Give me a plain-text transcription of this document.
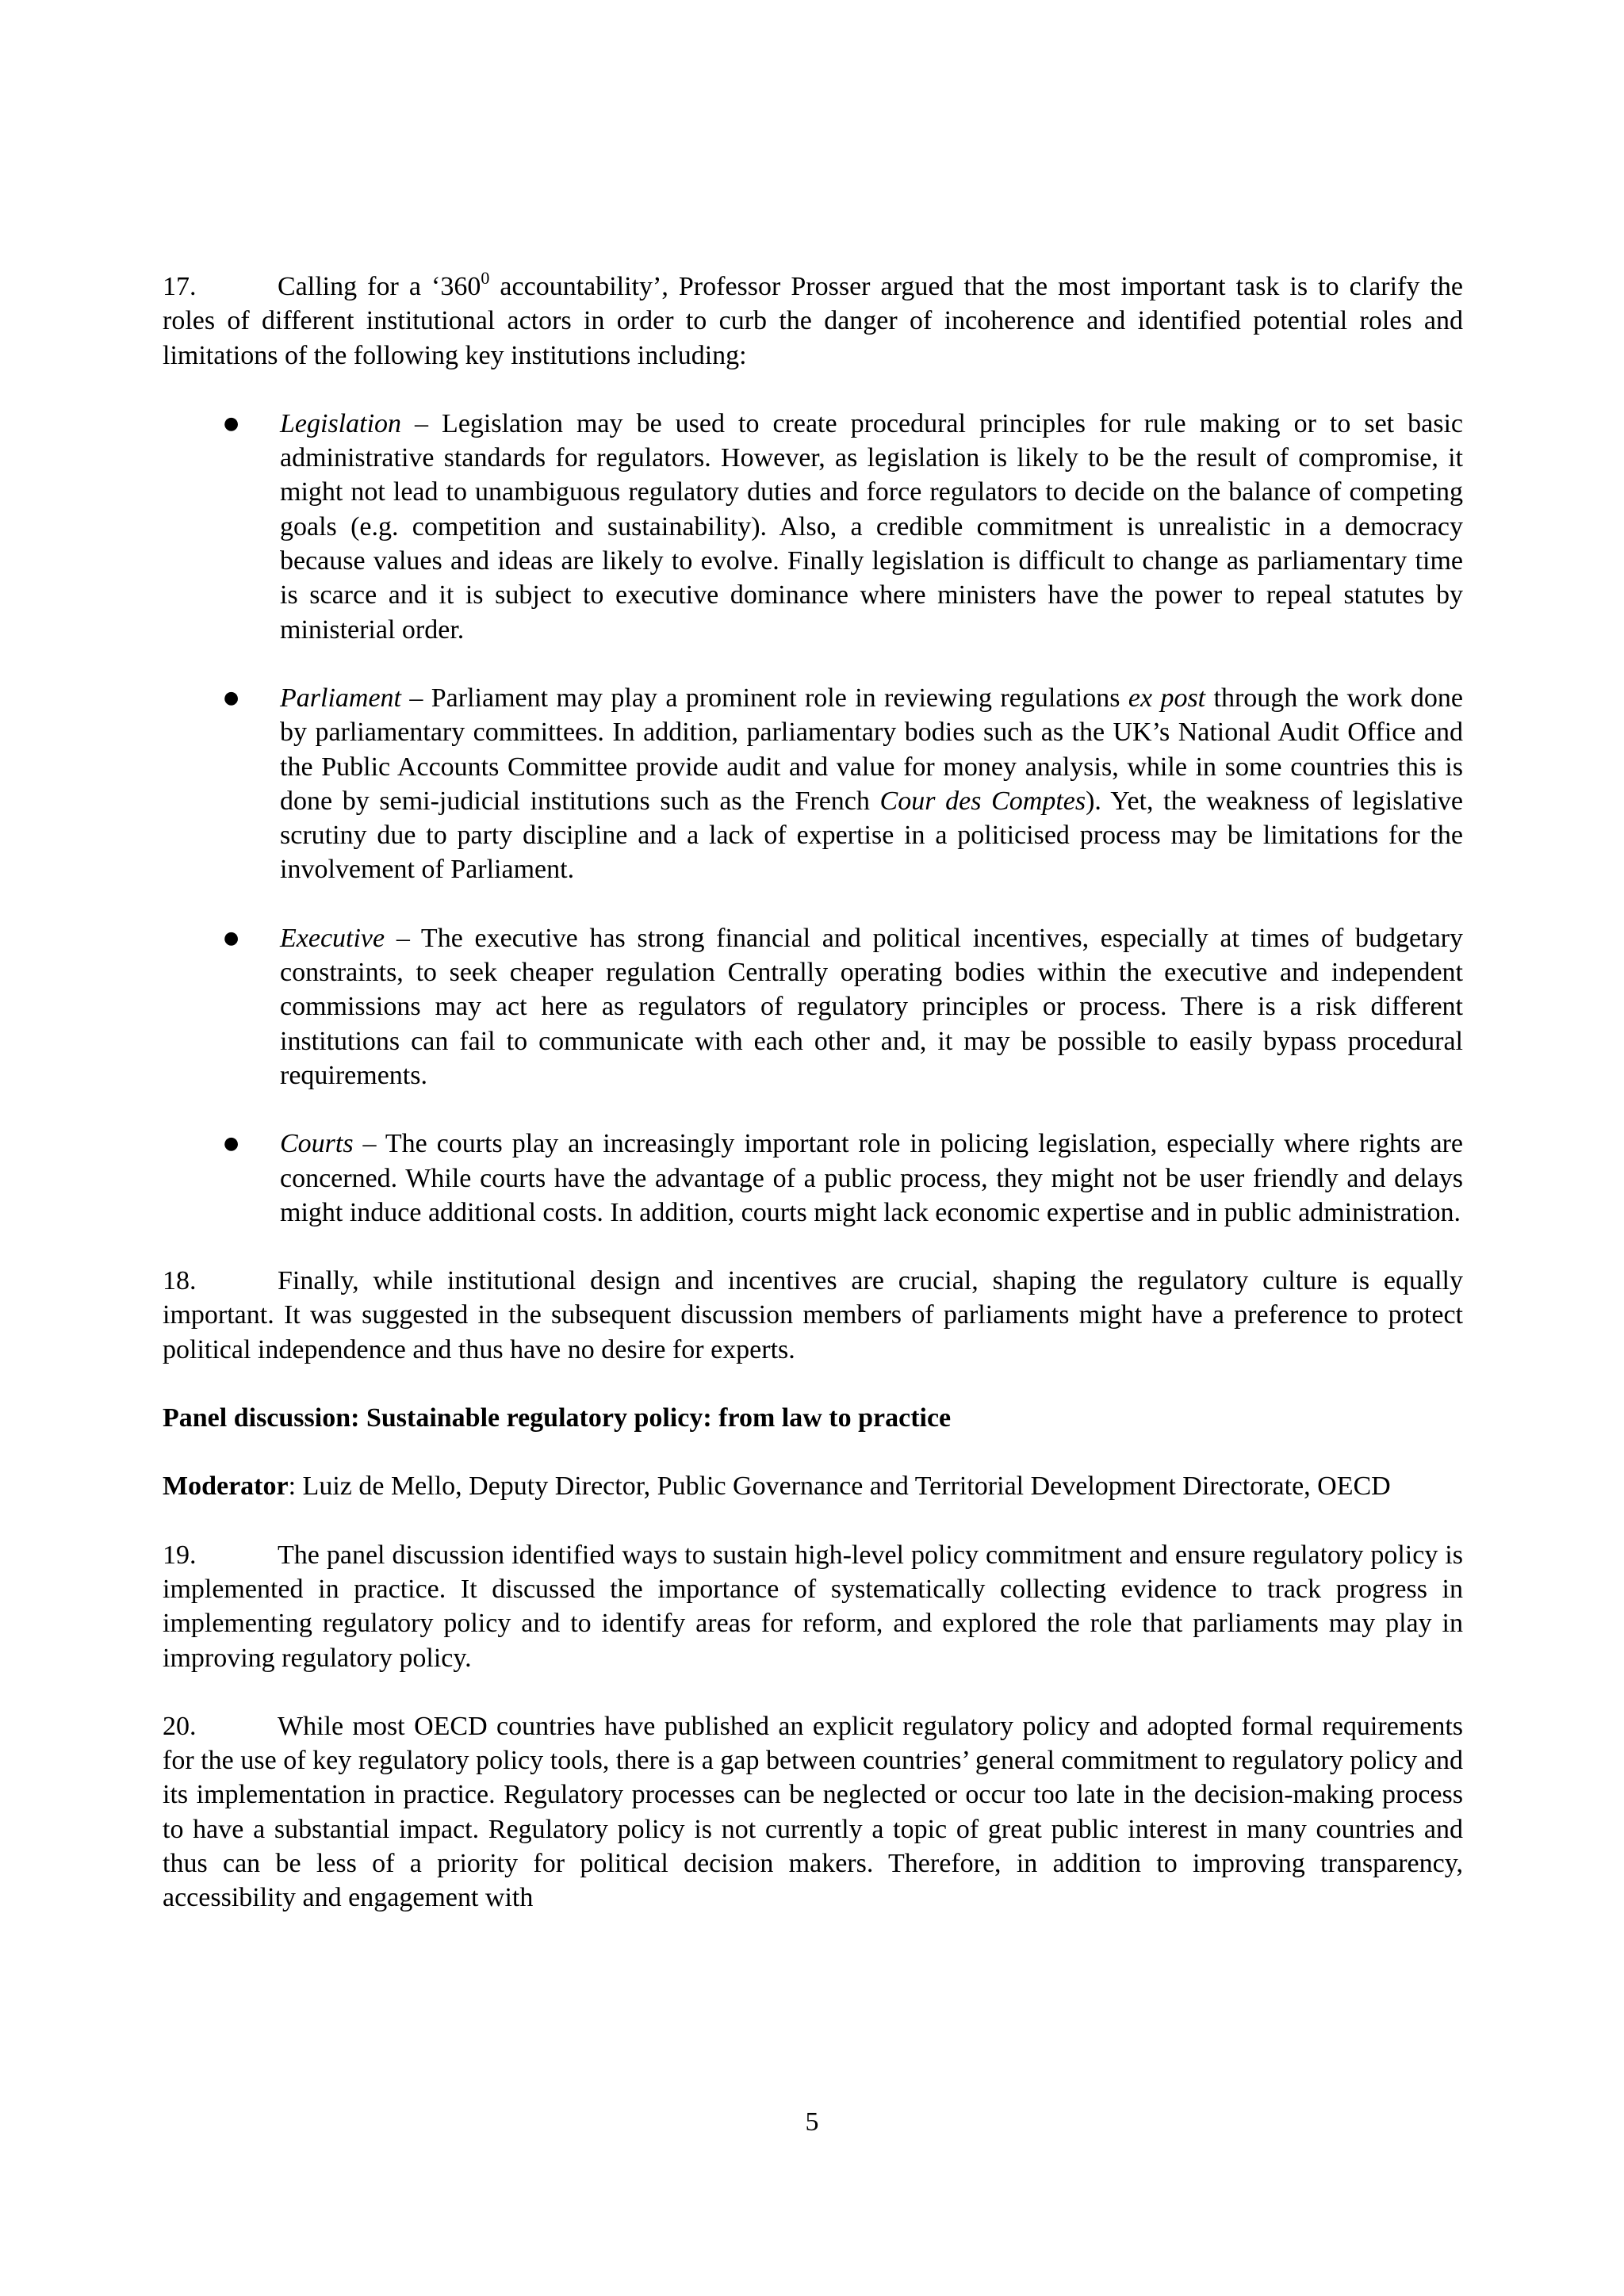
17.	Calling for a ‘$360^0$ accountability’, Professor Prosser argued that the most important task is to clarify the roles of different institutional actors in order to curb the danger of incoherence and identified potential roles and limitations of the following key institutions including:

● Legislation – Legislation may be used to create procedural principles for rule making or to set basic administrative standards for regulators. However, as legislation is likely to be the result of compromise, it might not lead to unambiguous regulatory duties and force regulators to decide on the balance of competing goals (e.g. competition and sustainability). Also, a credible commitment is unrealistic in a democracy because values and ideas are likely to evolve. Finally legislation is difficult to change as parliamentary time is scarce and it is subject to executive dominance where ministers have the power to repeal statutes by ministerial order.
● Parliament – Parliament may play a prominent role in reviewing regulations ex post through the work done by parliamentary committees. In addition, parliamentary bodies such as the UK’s National Audit Office and the Public Accounts Committee provide audit and value for money analysis, while in some countries this is done by semi-judicial institutions such as the French Cour des Comptes). Yet, the weakness of legislative scrutiny due to party discipline and a lack of expertise in a politicised process may be limitations for the involvement of Parliament.
● Executive – The executive has strong financial and political incentives, especially at times of budgetary constraints, to seek cheaper regulation Centrally operating bodies within the executive and independent commissions may act here as regulators of regulatory principles or process. There is a risk different institutions can fail to communicate with each other and, it may be possible to easily bypass procedural requirements.
● Courts – The courts play an increasingly important role in policing legislation, especially where rights are concerned. While courts have the advantage of a public process, they might not be user friendly and delays might induce additional costs. In addition, courts might lack economic expertise and in public administration.

18.	Finally, while institutional design and incentives are crucial, shaping the regulatory culture is equally important. It was suggested in the subsequent discussion members of parliaments might have a preference to protect political independence and thus have no desire for experts.

Panel discussion: Sustainable regulatory policy: from law to practice

Moderator: Luiz de Mello, Deputy Director, Public Governance and Territorial Development Directorate, OECD

19.	The panel discussion identified ways to sustain high-level policy commitment and ensure regulatory policy is implemented in practice. It discussed the importance of systematically collecting evidence to track progress in implementing regulatory policy and to identify areas for reform, and explored the role that parliaments may play in improving regulatory policy.

20.	While most OECD countries have published an explicit regulatory policy and adopted formal requirements for the use of key regulatory policy tools, there is a gap between countries’ general commitment to regulatory policy and its implementation in practice. Regulatory processes can be neglected or occur too late in the decision-making process to have a substantial impact. Regulatory policy is not currently a topic of great public interest in many countries and thus can be less of a priority for political decision makers. Therefore, in addition to improving transparency, accessibility and engagement with

5
